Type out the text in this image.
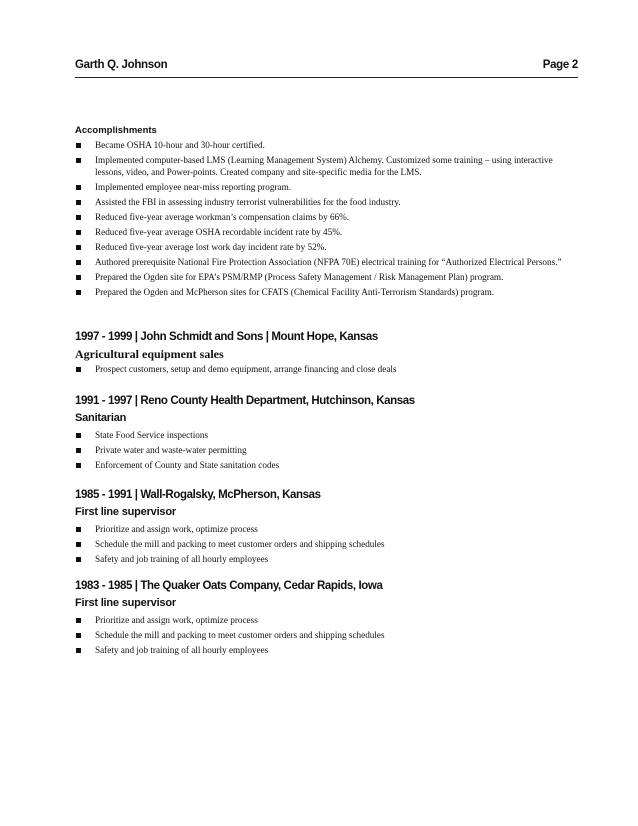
Garth Q. Johnson	Page 2
Accomplishments
Became OSHA 10-hour and 30-hour certified.
Implemented computer-based LMS (Learning Management System) Alchemy. Customized some training – using interactive lessons, video, and Power-points. Created company and site-specific media for the LMS.
Implemented employee near-miss reporting program.
Assisted the FBI in assessing industry terrorist vulnerabilities for the food industry.
Reduced five-year average workman’s compensation claims by 66%.
Reduced five-year average OSHA recordable incident rate by 45%.
Reduced five-year average lost work day incident rate by 52%.
Authored prerequisite National Fire Protection Association (NFPA 70E) electrical training for “Authorized Electrical Persons.”
Prepared the Ogden site for EPA’s PSM/RMP (Process Safety Management / Risk Management Plan) program.
Prepared the Ogden and McPherson sites for CFATS (Chemical Facility Anti-Terrorism Standards) program.
1997 - 1999 | John Schmidt and Sons | Mount Hope, Kansas
Agricultural equipment sales
Prospect customers, setup and demo equipment, arrange financing and close deals
1991 - 1997 | Reno County Health Department, Hutchinson, Kansas
Sanitarian
State Food Service inspections
Private water and waste-water permitting
Enforcement of County and State sanitation codes
1985 - 1991 | Wall-Rogalsky, McPherson, Kansas
First line supervisor
Prioritize and assign work, optimize process
Schedule the mill and packing to meet customer orders and shipping schedules
Safety and job training of all hourly employees
1983 - 1985 | The Quaker Oats Company, Cedar Rapids, Iowa
First line supervisor
Prioritize and assign work, optimize process
Schedule the mill and packing to meet customer orders and shipping schedules
Safety and job training of all hourly employees
